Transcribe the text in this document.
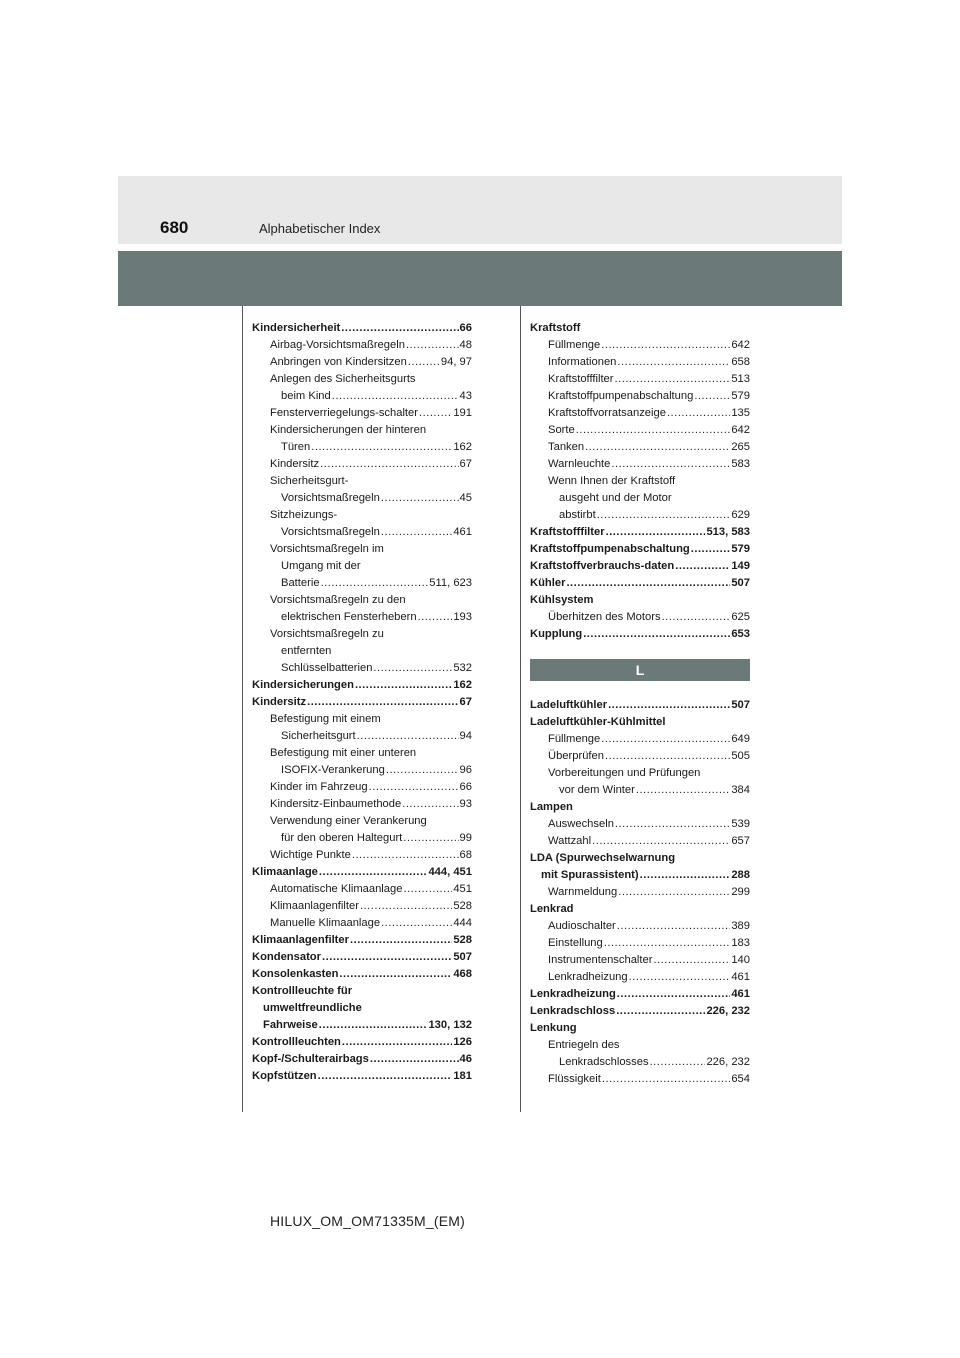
680	Alphabetischer Index
Kindersicherheit .....	66
Airbag-Vorsichtsmaßregeln .....	48
Anbringen von Kindersitzen .....	94, 97
Anlegen des Sicherheitsgurts
beim Kind .....	43
Fensterverriegelungs-schalter .....	191
Kindersicherungen der hinteren
Türen .....	162
Kindersitz .....	67
Sicherheitsgurt-
Vorsichtsmaßregeln .....	45
Sitzheizungs-
Vorsichtsmaßregeln .....	461
Vorsichtsmaßregeln im
Umgang mit der
Batterie .....	511, 623
Vorsichtsmaßregeln zu den
elektrischen Fensterhebern .....	193
Vorsichtsmaßregeln zu
entfernten
Schlüsselbatterien .....	532
Kindersicherungen .....	162
Kindersitz .....	67
Befestigung mit einem
Sicherheitsgurt .....	94
Befestigung mit einer unteren
ISOFIX-Verankerung .....	96
Kinder im Fahrzeug .....	66
Kindersitz-Einbaumethode .....	93
Verwendung einer Verankerung
für den oberen Haltegurt .....	99
Wichtige Punkte .....	68
Klimaanlage .....	444, 451
Automatische Klimaanlage .....	451
Klimaanlagenfilter .....	528
Manuelle Klimaanlage .....	444
Klimaanlagenfilter .....	528
Kondensator .....	507
Konsolenkasten .....	468
Kontrollleuchte für
umweltfreundliche
Fahrweise .....	130, 132
Kontrollleuchten .....	126
Kopf-/Schulterairbags .....	46
Kopfstützen .....	181
Kraftstoff
Füllmenge .....	642
Informationen .....	658
Kraftstofffilter .....	513
Kraftstoffpumpenabschaltung .....	579
Kraftstoffvorratsanzeige .....	135
Sorte .....	642
Tanken .....	265
Warnleuchte .....	583
Wenn Ihnen der Kraftstoff
ausgeht und der Motor
abstirbt .....	629
Kraftstofffilter .....	513, 583
Kraftstoffpumpenabschaltung .....	579
Kraftstoffverbrauchs-daten .....	149
Kühler .....	507
Kühlsystem
Überhitzen des Motors .....	625
Kupplung .....	653
L
Ladeluftkühler .....	507
Ladeluftkühler-Kühlmittel
Füllmenge .....	649
Überprüfen .....	505
Vorbereitungen und Prüfungen
vor dem Winter .....	384
Lampen
Auswechseln .....	539
Wattzahl .....	657
LDA (Spurwechselwarnung
mit Spurassistent) .....	288
Warnmeldung .....	299
Lenkrad
Audioschalter .....	389
Einstellung .....	183
Instrumentenschalter .....	140
Lenkradheizung .....	461
Lenkradheizung .....	461
Lenkradschloss .....	226, 232
Lenkung
Entriegeln des
Lenkradschlosses .....	226, 232
Flüssigkeit .....	654
HILUX_OM_OM71335M_(EM)
